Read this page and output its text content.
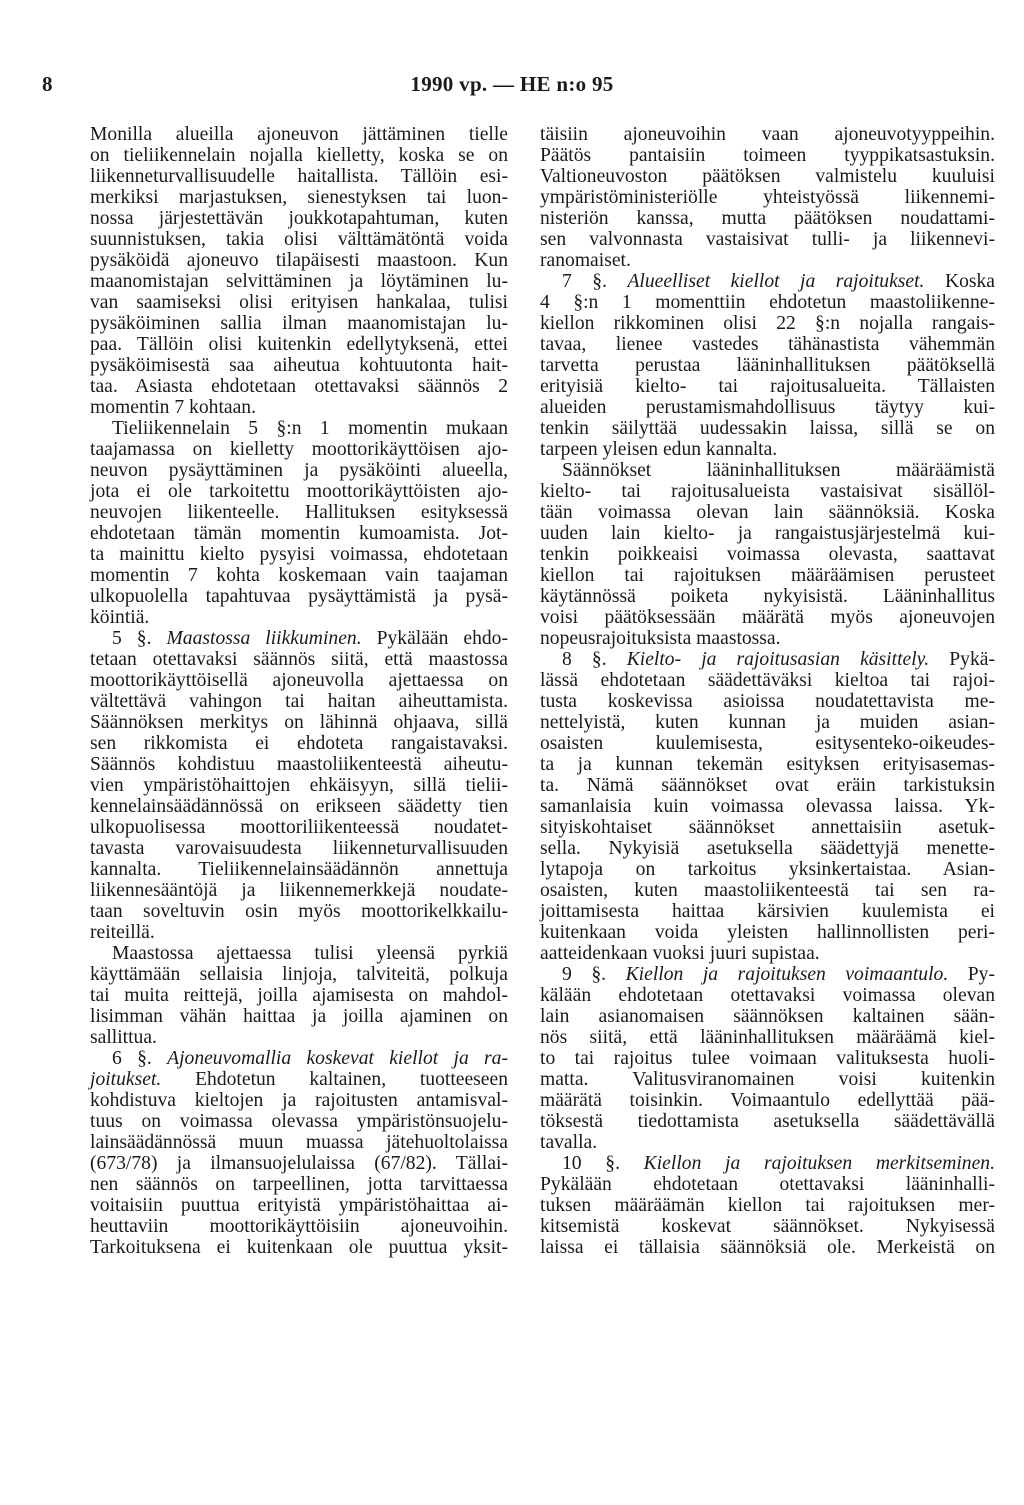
8	1990 vp. — HE n:o 95
Monilla alueilla ajoneuvon jättäminen tielle
on tieliikennelain nojalla kielletty, koska se on
liikenneturvallisuudelle haitallista. Tällöin esi-
merkiksi marjastuksen, sienestyksen tai luon-
nossa järjestettävän joukkotapahtuman, kuten
suunnistuksen, takia olisi välttämätöntä voida
pysäköidä ajoneuvo tilapäisesti maastoon. Kun
maanomistajan selvittäminen ja löytäminen lu-
van saamiseksi olisi erityisen hankalaa, tulisi
pysäköiminen sallia ilman maanomistajan lu-
paa. Tällöin olisi kuitenkin edellytyksenä, ettei
pysäköimisestä saa aiheutua kohtuutonta hait-
taa. Asiasta ehdotetaan otettavaksi säännös 2
momentin 7 kohtaan.
Tieliikennelain 5 §:n 1 momentin mukaan
taajamassa on kielletty moottorikäyttöisen ajo-
neuvon pysäyttäminen ja pysäköinti alueella,
jota ei ole tarkoitettu moottorikäyttöisten ajo-
neuvojen liikenteelle. Hallituksen esityksessä
ehdotetaan tämän momentin kumoamista. Jot-
ta mainittu kielto pysyisi voimassa, ehdotetaan
momentin 7 kohta koskemaan vain taajaman
ulkopuolella tapahtuvaa pysäyttämistä ja pysä-
köintiä.
5 §. Maastossa liikkuminen. Pykälään ehdo-
tetaan otettavaksi säännös siitä, että maastossa
moottorikäyttöisellä ajoneuvolla ajettaessa on
vältettävä vahingon tai haitan aiheuttamista.
Säännöksen merkitys on lähinnä ohjaava, sillä
sen rikkomista ei ehdoteta rangaistavaksi.
Säännös kohdistuu maastoliikenteestä aiheutu-
vien ympäristöhaittojen ehkäisyyn, sillä tielii-
kennelainsäädännössä on erikseen säädetty tien
ulkopuolisessa moottoriliikenteessä noudatet-
tavasta varovaisuudesta liikenneturvallisuuden
kannalta. Tieliikennelainsäädännön annettuja
liikennesääntöjä ja liikennemerkkejä noudate-
taan soveltuvin osin myös moottorikelkkailu-
reiteillä.
Maastossa ajettaessa tulisi yleensä pyrkiä
käyttämään sellaisia linjoja, talviteitä, polkuja
tai muita reittejä, joilla ajamisesta on mahdol-
lisimman vähän haittaa ja joilla ajaminen on
sallittua.
6 §. Ajoneuvomallia koskevat kiellot ja ra-
joitukset. Ehdotetun kaltainen, tuotteeseen
kohdistuva kieltojen ja rajoitusten antamisval-
tuus on voimassa olevassa ympäristönsuojelu-
lainsäädännössä muun muassa jätehuoltolaissa
(673/78) ja ilmansuojelulaissa (67/82). Tällai-
nen säännös on tarpeellinen, jotta tarvittaessa
voitaisiin puuttua erityistä ympäristöhaittaa ai-
heuttaviin moottorikäyttöisiin ajoneuvoihin.
Tarkoituksena ei kuitenkaan ole puuttua yksit-
täisiin ajoneuvoihin vaan ajoneuvotyyppeihin.
Päätös pantaisiin toimeen tyyppikatsastuksin.
Valtioneuvoston päätöksen valmistelu kuuluisi
ympäristöministeriölle yhteistyössä liikennemi-
nisteriön kanssa, mutta päätöksen noudattami-
sen valvonnasta vastaisivat tulli- ja liikennevi-
ranomaiset.
7 §. Alueelliset kiellot ja rajoitukset. Koska
4 §:n 1 momenttiin ehdotetun maastoliikenne-
kiellon rikkominen olisi 22 §:n nojalla rangais-
tavaa, lienee vastedes tähänastista vähemmän
tarvetta perustaa lääninhallituksen päätöksellä
erityisiä kielto- tai rajoitusalueita. Tällaisten
alueiden perustamismahdollisuus täytyy kui-
tenkin säilyttää uudessakin laissa, sillä se on
tarpeen yleisen edun kannalta.
Säännökset lääninhallituksen määräämistä
kielto- tai rajoitusalueista vastaisivat sisällöl-
tään voimassa olevan lain säännöksiä. Koska
uuden lain kielto- ja rangaistusjärjestelmä kui-
tenkin poikkeaisi voimassa olevasta, saattavat
kiellon tai rajoituksen määräämisen perusteet
käytännössä poiketa nykyisistä. Lääninhallitus
voisi päätöksessään määrätä myös ajoneuvojen
nopeusrajoituksista maastossa.
8 §. Kielto- ja rajoitusasian käsittely. Pykä-
lässä ehdotetaan säädettäväksi kieltoa tai rajoi-
tusta koskevissa asioissa noudatettavista me-
nettelyistä, kuten kunnan ja muiden asian-
osaisten kuulemisesta, esitysenteko-oikeudes-
ta ja kunnan tekemän esityksen erityisasemas-
ta. Nämä säännökset ovat eräin tarkistuksin
samanlaisia kuin voimassa olevassa laissa. Yk-
sityiskohtaiset säännökset annettaisiin asetuk-
sella. Nykyisiä asetuksella säädettyjä menette-
lytapoja on tarkoitus yksinkertaistaa. Asian-
osaisten, kuten maastoliikenteestä tai sen ra-
joittamisesta haittaa kärsivien kuulemista ei
kuitenkaan voida yleisten hallinnollisten peri-
aatteidenkaan vuoksi juuri supistaa.
9 §. Kiellon ja rajoituksen voimaantulo. Py-
kälään ehdotetaan otettavaksi voimassa olevan
lain asianomaisen säännöksen kaltainen sään-
nös siitä, että lääninhallituksen määräämä kiel-
to tai rajoitus tulee voimaan valituksesta huoli-
matta. Valitusviranomainen voisi kuitenkin
määrätä toisinkin. Voimaantulo edellyttää pää-
töksestä tiedottamista asetuksella säädettävällä
tavalla.
10 §. Kiellon ja rajoituksen merkitseminen.
Pykälään ehdotetaan otettavaksi lääninhalli-
tuksen määräämän kiellon tai rajoituksen mer-
kitsemistä koskevat säännökset. Nykyisessä
laissa ei tällaisia säännöksiä ole. Merkeistä on
